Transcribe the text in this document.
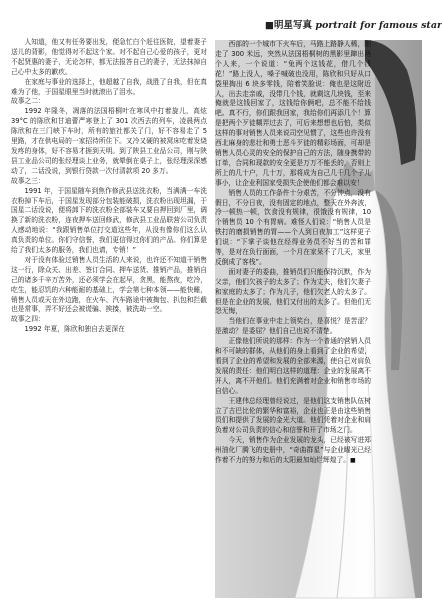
■明星写真 portrait for famous star

人知道，他又有任务要出发，便急忙白个赶往医院，望着妻子送儿的背影，他觉得对不起这个家。对不起自己心爱的孩子，更对不起贤惠的妻子，无论怎样，都无法报答自己的妻子，无法抹掉自己心中太多的歉疚。

在家庭与事业的选择上，他超越了自我，战胜了自我，但在真难为了他，于国星眼里当时就滚出了泪水。

故事之二：

1992 年隆冬，凋落的法国梧桐叶在寒风中打着旋儿，高炫 39°C 的陈欣和甘迪蕾严寒登上了 301 次西去的列车，凌晨两点陈欣和在三门峡下车时，所有的旅社都关了门，好不容易走了 5 里路，才在供电局的一家招待所住下。又冷又硬的被窝床吃着发烧发疼的身体，好不容易才捱到天明。到了陕县工业品公司，刚与陕县工业品公司的张经理谈上业务，就晕倒在桌子上，张经理深深感动了，二话没说，到银行贷款一次付清款项 20 多万。

故事之三：

1991 年，于国星随车到焦作修武县送洗衣粉，当满满一车洗衣粉掉下车后，于国星发现部分包装能破损，洗衣粉出现坦漏，于国星二话没说，便将卸下的洗衣粉全部装车又要自押回到厂里，调换了新的洗衣粉，连夜押车送回修武，修武县工业品联营公司负责人感动地说：“我跟销售单位打交道这些年，从没有像你们这么认真负责的单位。你们守信誉，我们更信得过你们的产品。你们算是给了我们太多的服务，我们也请，专销！”

对于没有体验过销售人员生活的人来说，也许还不知道干销售这一行，除众关、出差、签订合同、押车送货、推销产品，推销自己的诸多千辛万苦外，还必须学会在起早，贪黑，能熬夜，吃冷，吃生，能忍饥的六种能耐的基础上，学会第七种本领——能快睡，销售人员或天在外边跑，在火车、汽车路途中被掏包、扒包和拦截也是常事，弄不好还会被谎骗、挨揍，被洗劫一空。

故事之四：

1992 年夏，陈欣和独自去更深在

西部的一个城市下火车后，马路上路静人稀，刚走了 300 米远，突然从法国梧桐树的黑影里蹿出两个人来，一个说道：“兔两个这钱花，借几个钱花！”路上没人，嗓子喊破也没用，陈欣和只好从口袋里掏出 6 块多零钱，陪着笑脸说：俺也是这附近人，出去走亲戚，没带几个钱，就剩这几块钱，至来俺就是这钱回家了，这钱给你俩吧，总不能不给钱吧。真不行，你们跟我回家，我给你们再添几个！算是把两个歹徒糊弄过去了，可后来想想也后怕，类似这样的事对销售人员来说司空见惯了，这些也许没有西北麻身的悲壮和勇士恶斗歹徒的精彩场面，可却是销售人员心灵的安全的保护自己的方法，随身携带的订单，合同和现款的安全更是万万不能丢的，否则上所上的几十户，几十万，那将成为自己几千几个子儿事小，让企业利国家受损失企使他们都会难以安！

销售人员的工作条件十分艰苦，不分钟点，没有假日，不分日夜，没有固定的地点，整天在外奔波，冷一顿热一顿，饮食没有规律，很饿没有规律，10 个销售员 10 个有胃病。难怪人们说：“销售人员是铁打的磨损销售的胃——个人到日夜加工”这样更子们说：“下掌子谈他在经得业务员不好当的苦和罪等，是对在负行面面，一个月在家呆不了几天，家里反倒成了客栈”。

面对妻子的委曲，推销员们只能保持沉默，作为父亲，他们欠孩子的太多了；作为丈夫，他们欠妻子和家庭的太多了；作为儿子，他们欠老人的太多了。但是在企业的发展，他们又付出的太多了。但他们无怨无悔，

当他们在事业中走上领奖台，是喜悦？是苦涩？是激动？是委屈？他们自己也说不清楚。

正像他们所说的那样：作为一个普通的营销人员和不可缺的群体，从他们的身上看到了企业的希望，看到了企业的希望和发展的全部来源，使自己对肩负发展的责任：他们明白这样的道理：企业的发展离不开人，离不开他们。他们充满着对企业和销售市场的自信心。

王建伟总经理曾经说过，是他们这支销售队伍树立了古巴比伦的繁华和富裕，企业也正是由这些销售员们和提供了发展的金光大道。他们凭着对企业和肩负着对公司负责的信心和信誉和开了市场之门。

今天，销售作为企业发展的龙头，已经被写进郑州油化厂腾飞的史册中，“奇曲群星”与企业曜光已经作着不力的努力和后的太阳最加灿烂辉煌了。■
